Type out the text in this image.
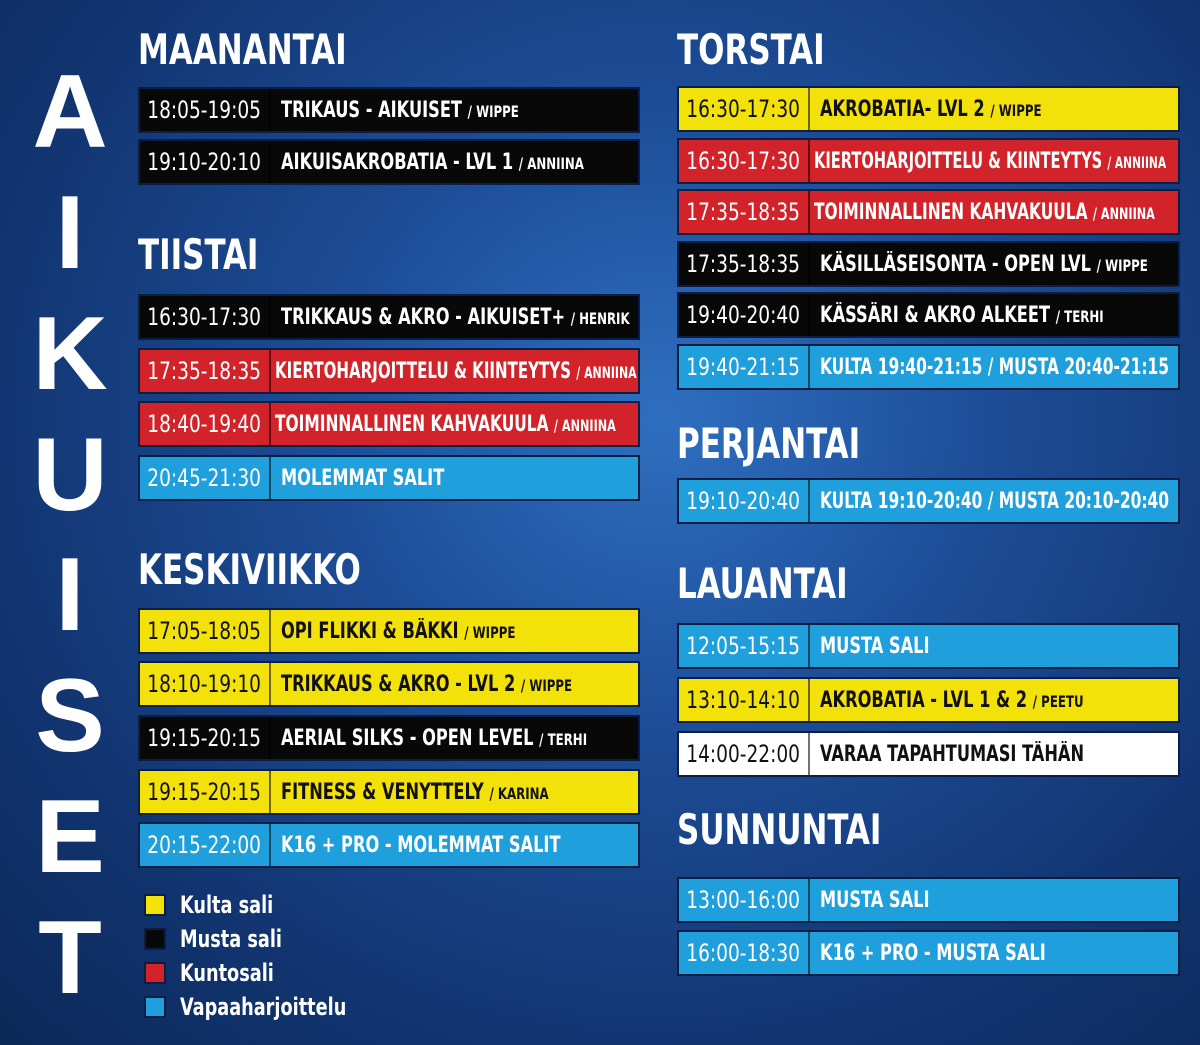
A
I
K
U
I
S
E
T
MAANANTAI
18:05-19:05 TRIKAUS - AIKUISET / WIPPE
19:10-20:10 AIKUISAKROBATIA - LVL 1 / ANNIINA
TIISTAI
16:30-17:30 TRIKKAUS & AKRO - AIKUISET+ / HENRIK
17:35-18:35 KIERTOHARJOITTELU & KIINTEYTYS / ANNIINA
18:40-19:40 TOIMINNALLINEN KAHVAKUULA / ANNIINA
20:45-21:30 MOLEMMAT SALIT
KESKIVIIKKO
17:05-18:05 OPI FLIKKI & BÄKKI / WIPPE
18:10-19:10 TRIKKAUS & AKRO - LVL 2 / WIPPE
19:15-20:15 AERIAL SILKS - OPEN LEVEL / TERHI
19:15-20:15 FITNESS & VENYTTELY / KARINA
20:15-22:00 K16 + PRO - MOLEMMAT SALIT
TORSTAI
16:30-17:30 AKROBATIA- LVL 2 / WIPPE
16:30-17:30 KIERTOHARJOITTELU & KIINTEYTYS / ANNIINA
17:35-18:35 TOIMINNALLINEN KAHVAKUULA / ANNIINA
17:35-18:35 KÄSILLÄSEISONTA - OPEN LVL / WIPPE
19:40-20:40 KÄSSÄRI & AKRO ALKEET / TERHI
19:40-21:15 KULTA 19:40-21:15 / MUSTA 20:40-21:15
PERJANTAI
19:10-20:40 KULTA 19:10-20:40 / MUSTA 20:10-20:40
LAUANTAI
12:05-15:15 MUSTA SALI
13:10-14:10 AKROBATIA - LVL 1 & 2 / PEETU
14:00-22:00 VARAA TAPAHTUMASI TÄHÄN
SUNNUNTAI
13:00-16:00 MUSTA SALI
16:00-18:30 K16 + PRO - MUSTA SALI
Kulta sali
Musta sali
Kuntosali
Vapaaharjoittelu
